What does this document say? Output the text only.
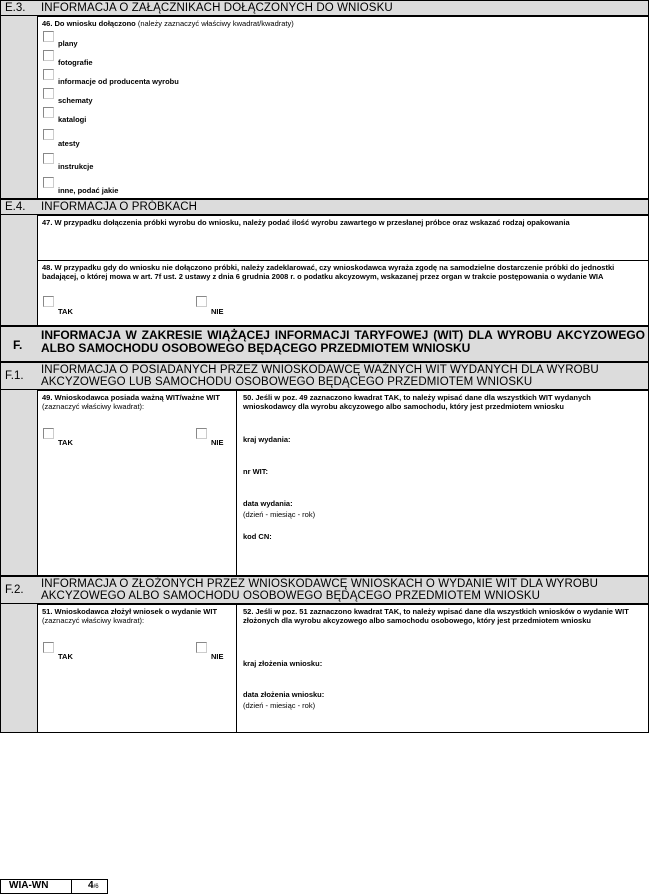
E.3. INFORMACJA O ZAŁĄCZNIKACH DOŁĄCZONYCH DO WNIOSKU
46. Do wniosku dołączono (należy zaznaczyć właściwy kwadrat/kwadraty)
plany
fotografie
informacje od producenta wyrobu
schematy
katalogi
atesty
instrukcje
inne, podać jakie
E.4. INFORMACJA O PRÓBKACH
47. W przypadku dołączenia próbki wyrobu do wniosku, należy podać ilość wyrobu zawartego w przesłanej próbce oraz wskazać rodzaj opakowania
48. W przypadku gdy do wniosku nie dołączono próbki, należy zadeklarować, czy wnioskodawca wyraża zgodę na samodzielne dostarczenie próbki do jednostki badającej, o której mowa w art. 7f ust. 2 ustawy z dnia 6 grudnia 2008 r. o podatku akcyzowym, wskazanej przez organ w trakcie postępowania o wydanie WIA
TAK	NIE
F.
INFORMACJA W ZAKRESIE WIĄŻĄCEJ INFORMACJI TARYFOWEJ (WIT) DLA WYROBU AKCYZOWEGO ALBO SAMOCHODU OSOBOWEGO BĘDĄCEGO PRZEDMIOTEM WNIOSKU
F.1. INFORMACJA O POSIADANYCH PRZEZ WNIOSKODAWCĘ WAŻNYCH WIT WYDANYCH DLA WYROBU
AKCYZOWEGO LUB SAMOCHODU OSOBOWEGO BĘDĄCEGO PRZEDMIOTEM WNIOSKU
49. Wnioskodawca posiada ważną WIT/ważne WIT (zaznaczyć właściwy kwadrat):
TAK	NIE
50. Jeśli w poz. 49 zaznaczono kwadrat TAK, to należy wpisać dane dla wszystkich WIT wydanych wnioskodawcy dla wyrobu akcyzowego albo samochodu, który jest przedmiotem wniosku
kraj wydania:
nr WIT:
data wydania:
(dzień - miesiąc - rok)
kod CN:
F.2. INFORMACJA O ZŁOŻONYCH PRZEZ WNIOSKODAWCĘ WNIOSKACH O WYDANIE WIT DLA WYROBU
AKCYZOWEGO ALBO SAMOCHODU OSOBOWEGO BĘDĄCEGO PRZEDMIOTEM WNIOSKU
51. Wnioskodawca złożył wniosek o wydanie WIT (zaznaczyć właściwy kwadrat):
TAK	NIE
52. Jeśli w poz. 51 zaznaczono kwadrat TAK, to należy wpisać dane dla wszystkich wniosków o wydanie WIT złożonych dla wyrobu akcyzowego albo samochodu osobowego, który jest przedmiotem wniosku
kraj złożenia wniosku:
data złożenia wniosku:
(dzień - miesiąc - rok)
WIA-WN	4/6
